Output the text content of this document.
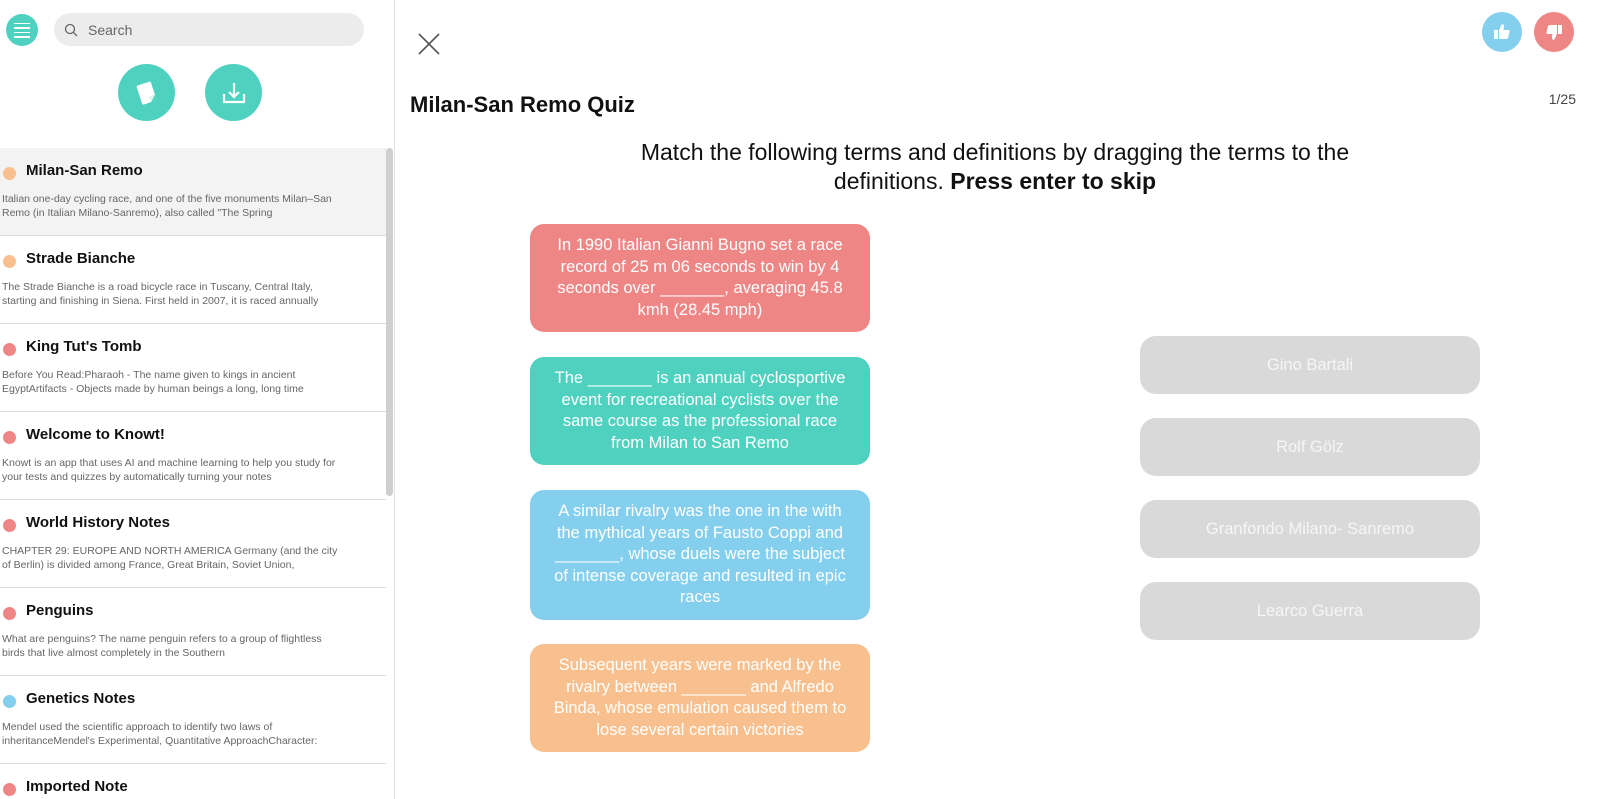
Search
Milan-San Remo
Italian one-day cycling race, and one of the five monuments Milan–San Remo (in Italian Milano-Sanremo), also called "The Spring
Strade Bianche
The Strade Bianche is a road bicycle race in Tuscany, Central Italy, starting and finishing in Siena. First held in 2007, it is raced annually
King Tut's Tomb
Before You Read:Pharaoh - The name given to kings in ancient EgyptArtifacts - Objects made by human beings a long, long time
Welcome to Knowt!
Knowt is an app that uses AI and machine learning to help you study for your tests and quizzes by automatically turning your notes
World History Notes
CHAPTER 29: EUROPE AND NORTH AMERICA Germany (and the city of Berlin) is divided among France, Great Britain, Soviet Union,
Penguins
What are penguins? The name penguin refers to a group of flightless birds that live almost completely in the Southern
Genetics Notes
Mendel used the scientific approach to identify two laws of inheritanceMendel's Experimental, Quantitative ApproachCharacter:
Imported Note
Milan-San Remo Quiz	1/25
Match the following terms and definitions by dragging the terms to the definitions. Press enter to skip
In 1990 Italian Gianni Bugno set a race record of 25 m 06 seconds to win by 4 seconds over _______, averaging 45.8 kmh (28.45 mph)
The _______ is an annual cyclosportive event for recreational cyclists over the same course as the professional race from Milan to San Remo
A similar rivalry was the one in the with the mythical years of Fausto Coppi and _______, whose duels were the subject of intense coverage and resulted in epic races
Subsequent years were marked by the rivalry between _______ and Alfredo Binda, whose emulation caused them to lose several certain victories
Gino Bartali
Rolf Gölz
Granfondo Milano- Sanremo
Learco Guerra
